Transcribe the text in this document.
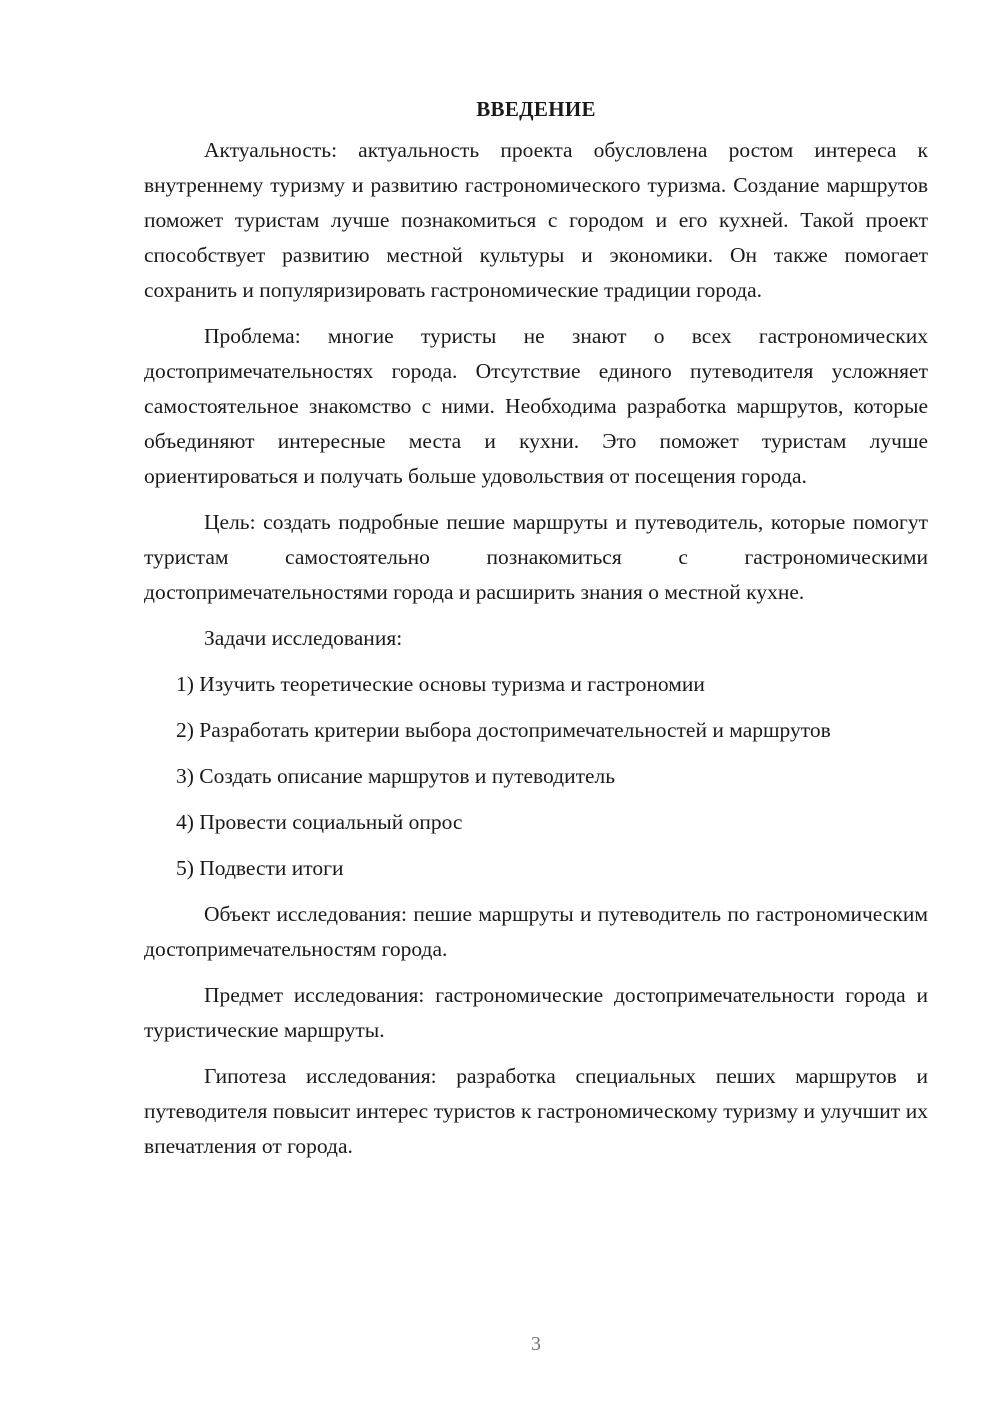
ВВЕДЕНИЕ

Актуальность: актуальность проекта обусловлена ростом интереса к внутреннему туризму и развитию гастрономического туризма. Создание маршрутов поможет туристам лучше познакомиться с городом и его кухней. Такой проект способствует развитию местной культуры и экономики. Он также помогает сохранить и популяризировать гастрономические традиции города.

Проблема: многие туристы не знают о всех гастрономических достопримечательностях города. Отсутствие единого путеводителя усложняет самостоятельное знакомство с ними. Необходима разработка маршрутов, которые объединяют интересные места и кухни. Это поможет туристам лучше ориентироваться и получать больше удовольствия от посещения города.

Цель: создать подробные пешие маршруты и путеводитель, которые помогут туристам самостоятельно познакомиться с гастрономическими достопримечательностями города и расширить знания о местной кухне.

Задачи исследования:

1) Изучить теоретические основы туризма и гастрономии

2) Разработать критерии выбора достопримечательностей и маршрутов

3) Создать описание маршрутов и путеводитель

4) Провести социальный опрос

5) Подвести итоги

Объект исследования: пешие маршруты и путеводитель по гастрономическим достопримечательностям города.

Предмет исследования: гастрономические достопримечательности города и туристические маршруты.

Гипотеза исследования: разработка специальных пеших маршрутов и путеводителя повысит интерес туристов к гастрономическому туризму и улучшит их впечатления от города.

3
